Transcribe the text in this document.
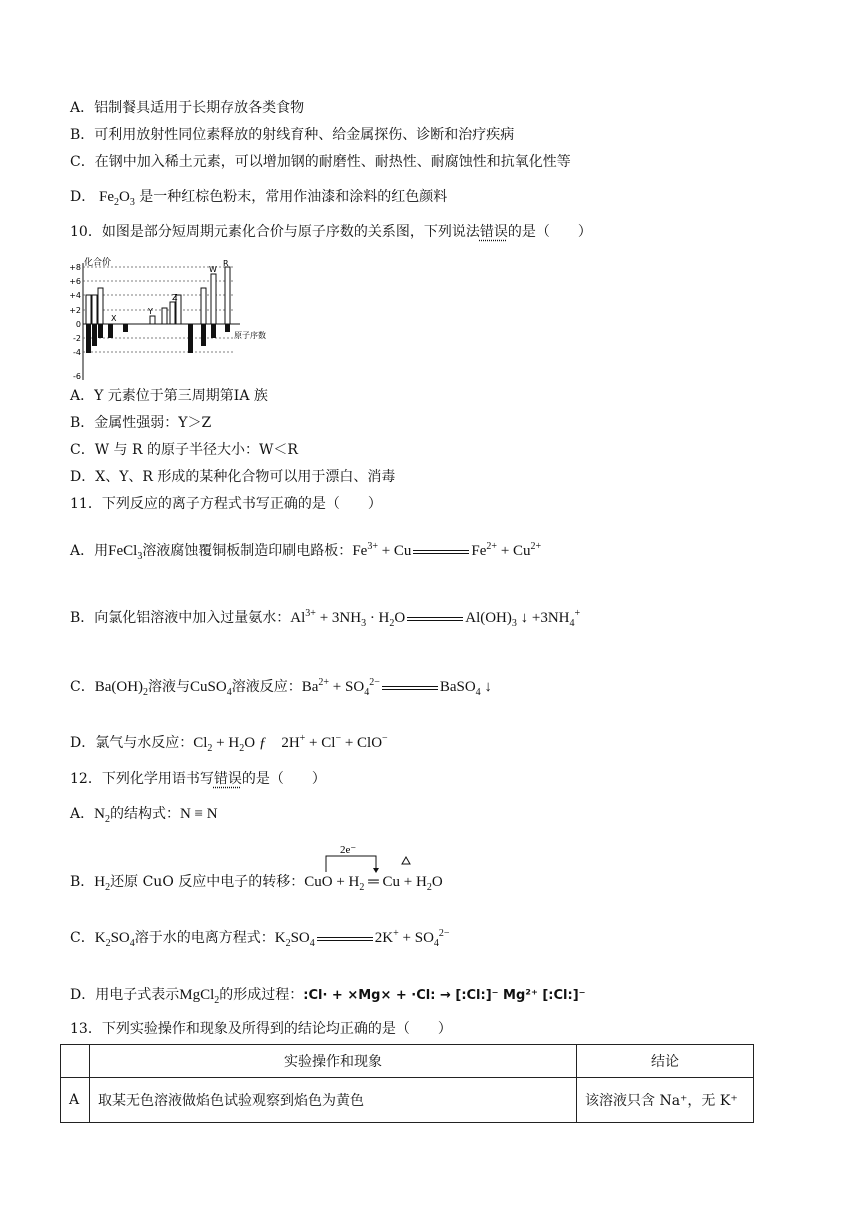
A．铝制餐具适用于长期存放各类食物
B．可利用放射性同位素释放的射线育种、给金属探伤、诊断和治疗疾病
C．在钢中加入稀土元素，可以增加钢的耐磨性、耐热性、耐腐蚀性和抗氧化性等
D． $Fe_2O_3$ 是一种红棕色粉末，常用作油漆和涂料的红色颜料
10．如图是部分短周期元素化合价与原子序数的关系图，下列说法错误的是（　　）
化合价
+8
+6
+4
+2
0
-2
-4
-6
X
Y
Z
W
R
原子序数
A．Y 元素位于第三周期第ⅠA 族
B．金属性强弱：Y＞Z
C．W 与 R 的原子半径大小：W＜R
D．X、Y、R 形成的某种化合物可以用于漂白、消毒
11．下列反应的离子方程式书写正确的是（　　）
A．用FeCl$_3$溶液腐蚀覆铜板制造印刷电路板：$Fe^{3+} + Cu$	$Fe^{2+} + Cu^{2+}$
B．向氯化铝溶液中加入过量氨水：$Al^{3+} + 3NH_3 \cdot H_2O$	$Al(OH)_3$ ↓ $+3NH_4^+$
C．$Ba(OH)_2$溶液与CuSO$_4$溶液反应：$Ba^{2+} + SO_4^{2-}$	BaSO$_4$ ↓
D．氯气与水反应：$Cl_2 + H_2O$ ƒ　2H+ + Cl− + ClO−
12．下列化学用语书写错误的是（　　）
A．$N_2$的结构式：N ≡ N
B．$H_2$还原 CuO 反应中电子的转移：CuO + $H_2$ ═ $Cu + H_2O$
2e⁻
C．$K_2SO_4$溶于水的电离方程式：$K_2SO_4$	$2K^+ + SO_4^{2-}$
D．用电子式表示MgCl$_2$的形成过程：:Cl· + ×Mg× + ·Cl: → [:Cl:]⁻ Mg²⁺ [:Cl:]⁻
13．下列实验操作和现象及所得到的结论均正确的是（　　）
	实验操作和现象	结论
A	取某无色溶液做焰色试验观察到焰色为黄色	该溶液只含 Na⁺，无 K⁺
